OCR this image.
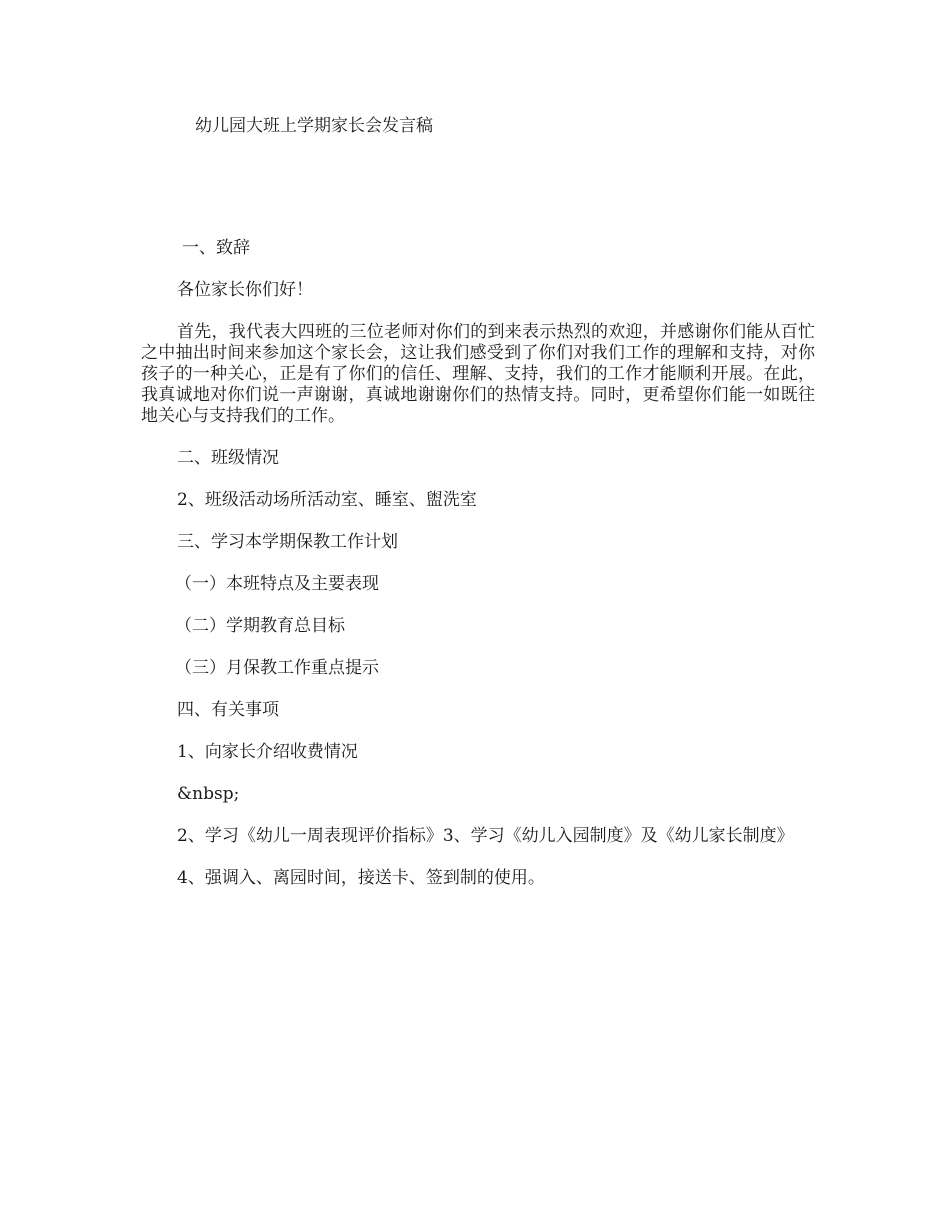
幼儿园大班上学期家长会发言稿

一、致辞

各位家长你们好！

首先，我代表大四班的三位老师对你们的到来表示热烈的欢迎，并感谢你们能从百忙之中抽出时间来参加这个家长会，这让我们感受到了你们对我们工作的理解和支持，对你孩子的一种关心，正是有了你们的信任、理解、支持，我们的工作才能顺利开展。在此，我真诚地对你们说一声谢谢，真诚地谢谢你们的热情支持。同时，更希望你们能一如既往地关心与支持我们的工作。

二、班级情况

2、班级活动场所活动室、睡室、盥洗室

三、学习本学期保教工作计划

（一）本班特点及主要表现

（二）学期教育总目标

（三）月保教工作重点提示

四、有关事项

1、向家长介绍收费情况

&nbsp;

2、学习《幼儿一周表现评价指标》3、学习《幼儿入园制度》及《幼儿家长制度》

4、强调入、离园时间，接送卡、签到制的使用。
